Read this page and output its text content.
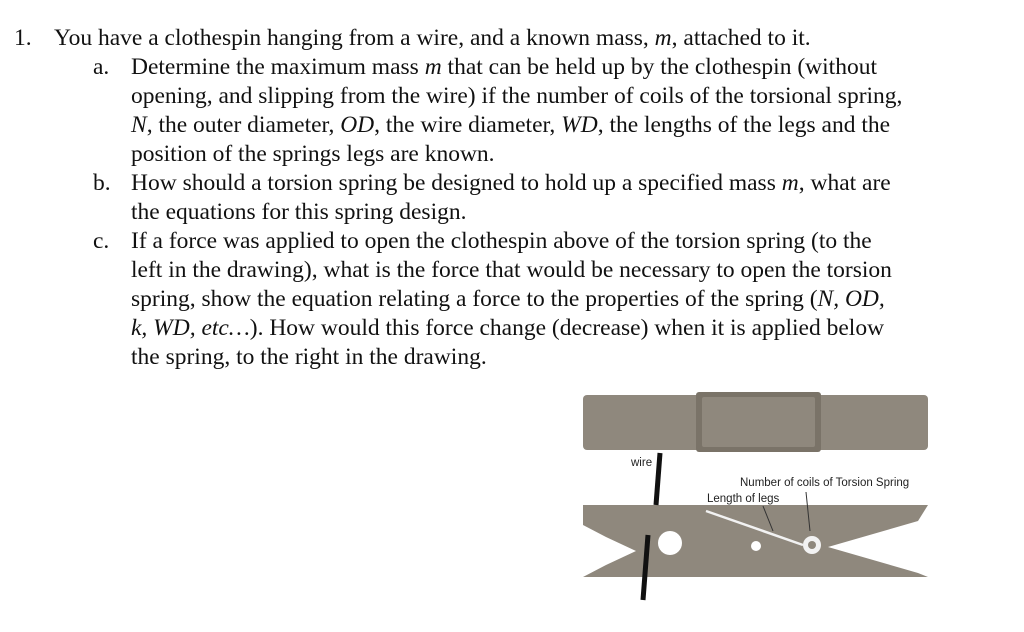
1. You have a clothespin hanging from a wire, and a known mass, m, attached to it.
a. Determine the maximum mass m that can be held up by the clothespin (without
opening, and slipping from the wire) if the number of coils of the torsional spring,
N, the outer diameter, OD, the wire diameter, WD, the lengths of the legs and the
position of the springs legs are known.
b. How should a torsion spring be designed to hold up a specified mass m, what are
the equations for this spring design.
c. If a force was applied to open the clothespin above of the torsion spring (to the
left in the drawing), what is the force that would be necessary to open the torsion
spring, show the equation relating a force to the properties of the spring (N, OD,
k, WD, etc…). How would this force change (decrease) when it is applied below
the spring, to the right in the drawing.
wire
Number of coils of Torsion Spring
Length of legs
